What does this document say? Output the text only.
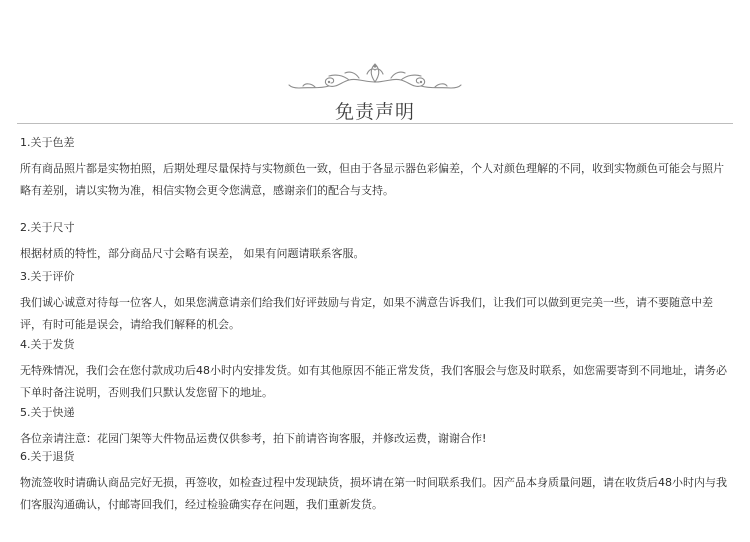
免责声明

1.关于色差

所有商品照片都是实物拍照，后期处理尽量保持与实物颜色一致，但由于各显示器色彩偏差，个人对颜色理解的不同，收到实物颜色可能会与照片略有差别，请以实物为准，相信实物会更令您满意，感谢亲们的配合与支持。

2.关于尺寸

根据材质的特性，部分商品尺寸会略有误差， 如果有问题请联系客服。

3.关于评价

我们诚心诚意对待每一位客人，如果您满意请亲们给我们好评鼓励与肯定，如果不满意告诉我们，让我们可以做到更完美一些，请不要随意中差评，有时可能是误会，请给我们解释的机会。

4.关于发货

无特殊情况，我们会在您付款成功后48小时内安排发货。如有其他原因不能正常发货，我们客服会与您及时联系，如您需要寄到不同地址，请务必下单时备注说明，否则我们只默认发您留下的地址。

5.关于快递

各位亲请注意：花园门架等大件物品运费仅供参考，拍下前请咨询客服，并修改运费，谢谢合作!

6.关于退货

物流签收时请确认商品完好无损，再签收，如检查过程中发现缺货，损坏请在第一时间联系我们。因产品本身质量问题，请在收货后48小时内与我们客服沟通确认，付邮寄回我们，经过检验确实存在问题，我们重新发货。
